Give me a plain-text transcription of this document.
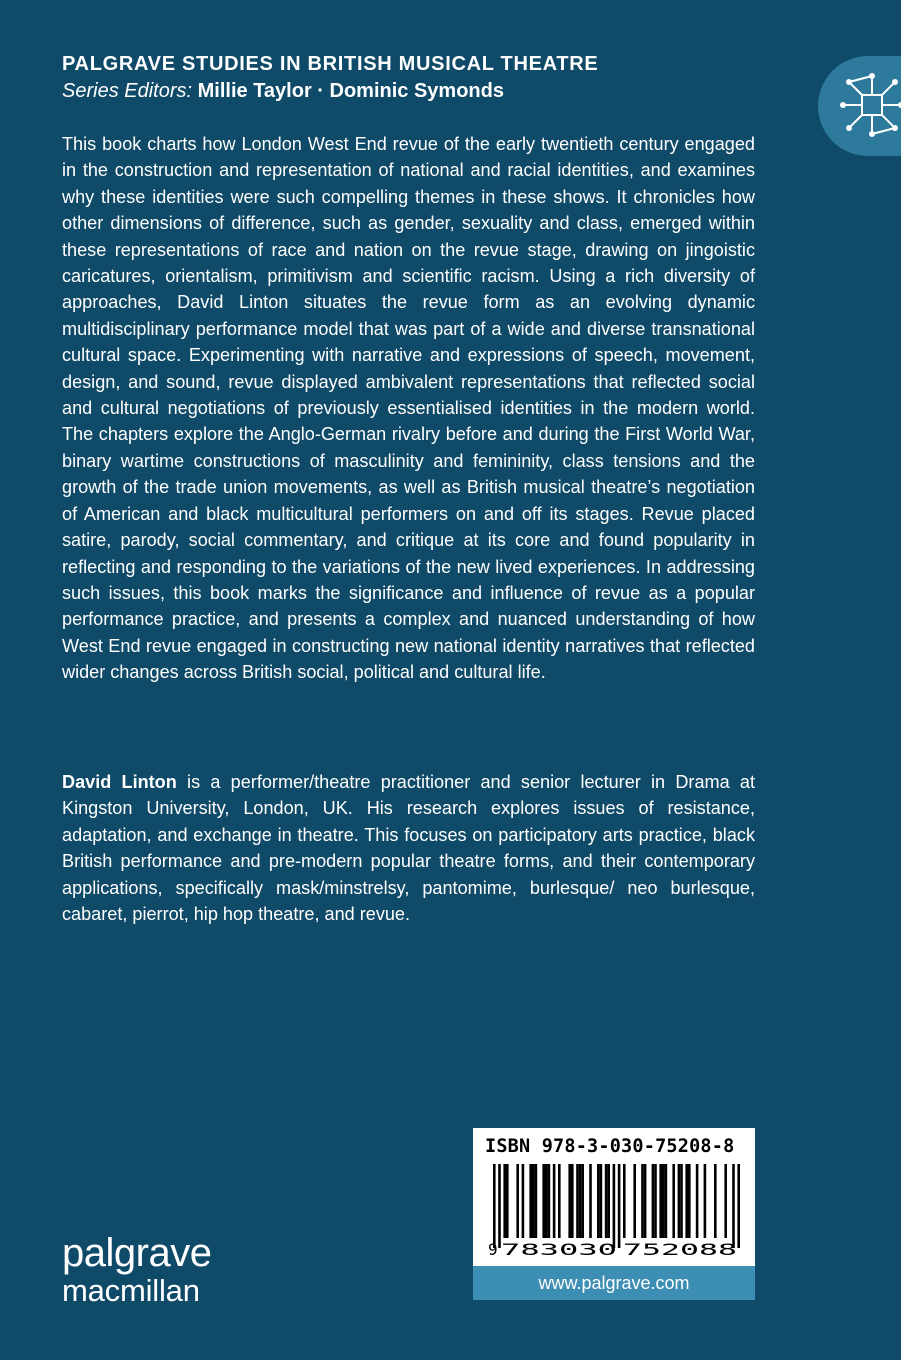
PALGRAVE STUDIES IN BRITISH MUSICAL THEATRE
Series Editors: Millie Taylor · Dominic Symonds

This book charts how London West End revue of the early twentieth century engaged in the construction and representation of national and racial identities, and examines why these identities were such compelling themes in these shows. It chronicles how other dimensions of difference, such as gender, sexuality and class, emerged within these representations of race and nation on the revue stage, drawing on jingoistic caricatures, orientalism, primitivism and scientific racism. Using a rich diversity of approaches, David Linton situates the revue form as an evolving dynamic multidisciplinary performance model that was part of a wide and diverse transnational cultural space. Experimenting with narrative and expressions of speech, movement, design, and sound, revue displayed ambivalent representations that reflected social and cultural negotiations of previously essentialised identities in the modern world. The chapters explore the Anglo-German rivalry before and during the First World War, binary wartime constructions of masculinity and femininity, class tensions and the growth of the trade union movements, as well as British musical theatre’s negotiation of American and black multicultural performers on and off its stages. Revue placed satire, parody, social commentary, and critique at its core and found popularity in reflecting and responding to the variations of the new lived experiences. In addressing such issues, this book marks the significance and influence of revue as a popular performance practice, and presents a complex and nuanced understanding of how West End revue engaged in constructing new national identity narratives that reflected wider changes across British social, political and cultural life.

David Linton is a performer/theatre practitioner and senior lecturer in Drama at Kingston University, London, UK. His research explores issues of resistance, adaptation, and exchange in theatre. This focuses on participatory arts practice, black British performance and pre-modern popular theatre forms, and their contemporary applications, specifically mask/minstrelsy, pantomime, burlesque/ neo burlesque, cabaret, pierrot, hip hop theatre, and revue.

palgrave
macmillan
ISBN 978-3-030-75208-8
9 783030 752088
www.palgrave.com
